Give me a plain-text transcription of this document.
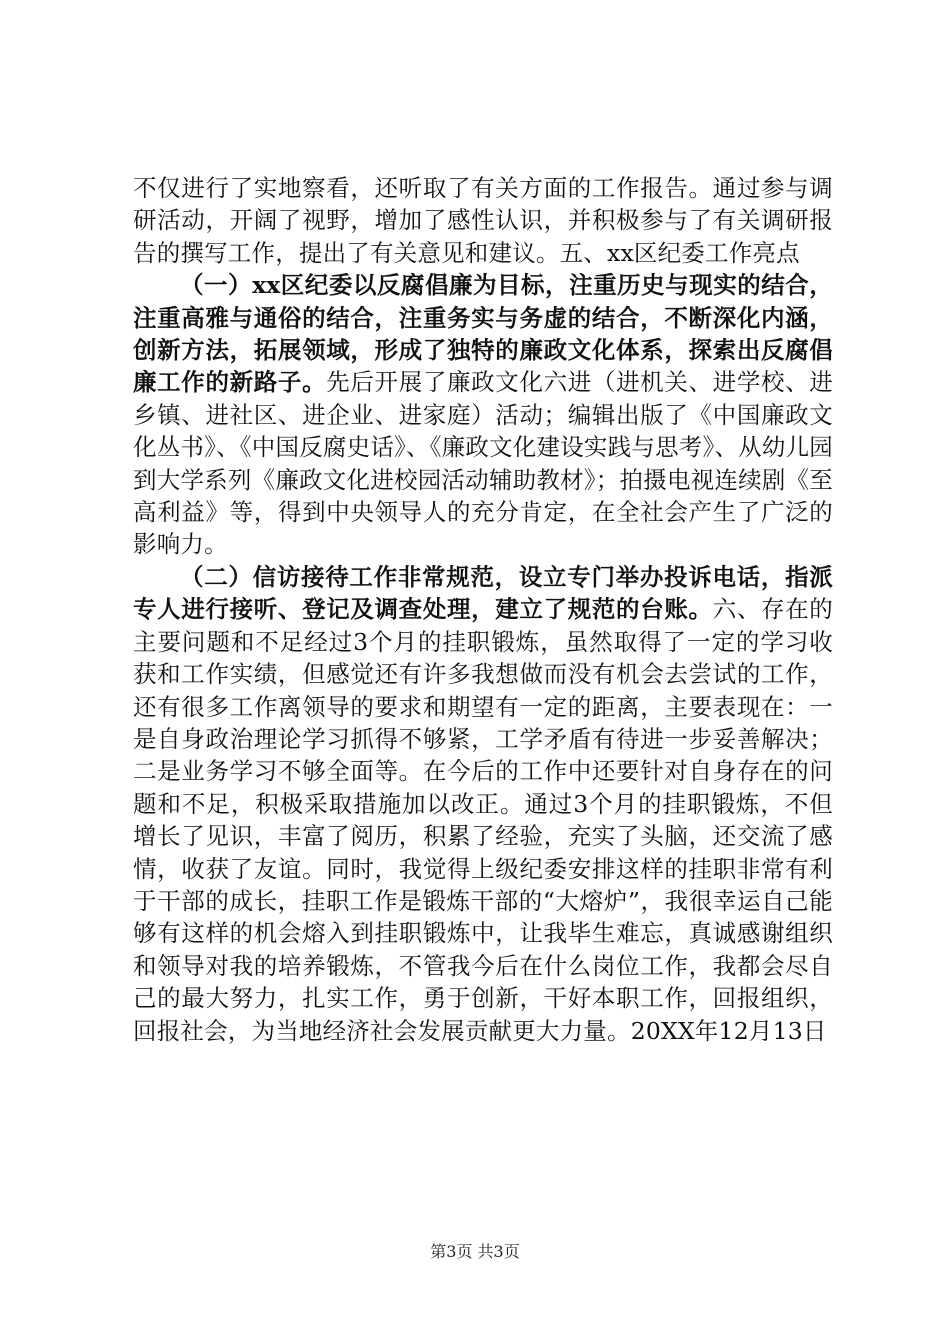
不仅进行了实地察看，还听取了有关方面的工作报告。通过参与调研活动，开阔了视野，增加了感性认识，并积极参与了有关调研报告的撰写工作，提出了有关意见和建议。五、xx区纪委工作亮点

（一）xx区纪委以反腐倡廉为目标，注重历史与现实的结合，注重高雅与通俗的结合，注重务实与务虚的结合，不断深化内涵，创新方法，拓展领域，形成了独特的廉政文化体系，探索出反腐倡廉工作的新路子。先后开展了廉政文化六进（进机关、进学校、进乡镇、进社区、进企业、进家庭）活动；编辑出版了《中国廉政文化丛书》、《中国反腐史话》、《廉政文化建设实践与思考》、从幼儿园到大学系列《廉政文化进校园活动辅助教材》；拍摄电视连续剧《至高利益》等，得到中央领导人的充分肯定，在全社会产生了广泛的影响力。

（二）信访接待工作非常规范，设立专门举办投诉电话，指派专人进行接听、登记及调查处理，建立了规范的台账。六、存在的主要问题和不足经过3个月的挂职锻炼，虽然取得了一定的学习收获和工作实绩，但感觉还有许多我想做而没有机会去尝试的工作，还有很多工作离领导的要求和期望有一定的距离，主要表现在：一是自身政治理论学习抓得不够紧，工学矛盾有待进一步妥善解决；二是业务学习不够全面等。在今后的工作中还要针对自身存在的问题和不足，积极采取措施加以改正。通过3个月的挂职锻炼，不但增长了见识，丰富了阅历，积累了经验，充实了头脑，还交流了感情，收获了友谊。同时，我觉得上级纪委安排这样的挂职非常有利于干部的成长，挂职工作是锻炼干部的“大熔炉”，我很幸运自己能够有这样的机会熔入到挂职锻炼中，让我毕生难忘，真诚感谢组织和领导对我的培养锻炼，不管我今后在什么岗位工作，我都会尽自己的最大努力，扎实工作，勇于创新，干好本职工作，回报组织，回报社会，为当地经济社会发展贡献更大力量。20XX年12月13日

第3页 共3页
